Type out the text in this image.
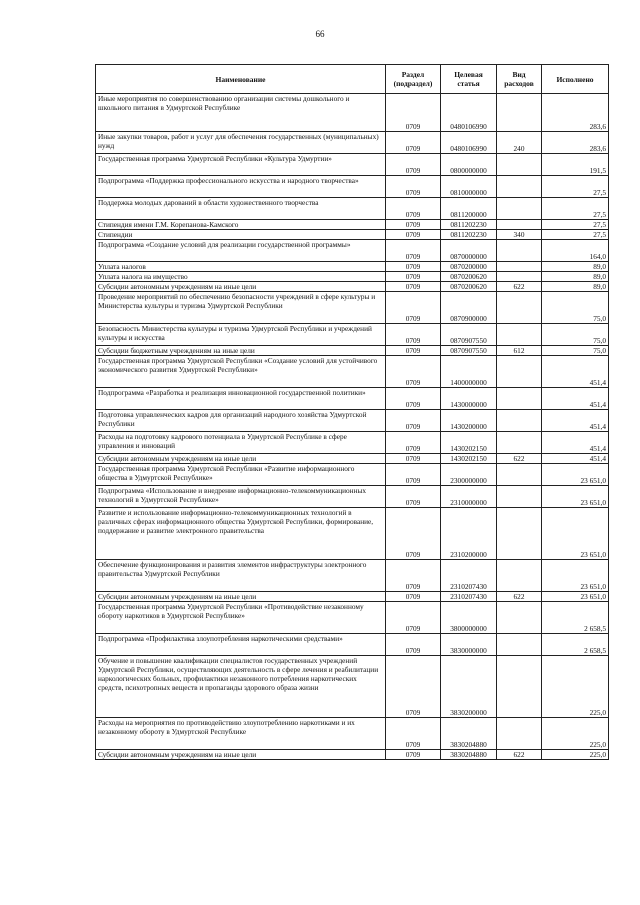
66
Наименование	Раздел (подраздел)	Целевая статья	Вид расходов	Исполнено
Иные мероприятия по совершенствованию организации системы дошкольного и школьного питания в Удмуртской Республике	0709	0480106990		283,6
Иные закупки товаров, работ и услуг для обеспечения государственных (муниципальных) нужд	0709	0480106990	240	283,6
Государственная программа Удмуртской Республики «Культура Удмуртии»	0709	0800000000		191,5
Подпрограмма «Поддержка профессионального искусства и народного творчества»	0709	0810000000		27,5
Поддержка молодых дарований в области художественного творчества	0709	0811200000		27,5
Стипендия имени Г.М. Корепанова-Камского	0709	0811202230		27,5
Стипендии	0709	0811202230	340	27,5
Подпрограмма «Создание условий для реализации государственной программы»	0709	0870000000		164,0
Уплата налогов	0709	0870200000		89,0
Уплата налога на имущество	0709	0870200620		89,0
Субсидии автономным учреждениям на иные цели	0709	0870200620	622	89,0
Проведение мероприятий по обеспечению безопасности учреждений в сфере культуры и Министерства культуры и туризма Удмуртской Республики	0709	0870900000		75,0
Безопасность Министерства культуры и туризма Удмуртской Республики и учреждений культуры и искусства	0709	0870907550		75,0
Субсидии бюджетным учреждениям на иные цели	0709	0870907550	612	75,0
Государственная программа Удмуртской Республики «Создание условий для устойчивого экономического развития Удмуртской Республики»	0709	1400000000		451,4
Подпрограмма «Разработка и реализация инновационной государственной политики»	0709	1430000000		451,4
Подготовка управленческих кадров для организаций народного хозяйства Удмуртской Республики	0709	1430200000		451,4
Расходы на подготовку кадрового потенциала в Удмуртской Республике в сфере управления и инноваций	0709	1430202150		451,4
Субсидии автономным учреждениям на иные цели	0709	1430202150	622	451,4
Государственная программа Удмуртской Республики «Развитие информационного общества в Удмуртской Республике»	0709	2300000000		23 651,0
Подпрограмма «Использование и внедрение информационно-телекоммуникационных технологий в Удмуртской Республике»	0709	2310000000		23 651,0
Развитие и использование информационно-телекоммуникационных технологий в различных сферах информационного общества Удмуртской Республики, формирование, поддержание и развитие электронного правительства	0709	2310200000		23 651,0
Обеспечение функционирования и развития элементов инфраструктуры электронного правительства Удмуртской Республики	0709	2310207430		23 651,0
Субсидии автономным учреждениям на иные цели	0709	2310207430	622	23 651,0
Государственная программа Удмуртской Республики «Противодействие незаконному обороту наркотиков в Удмуртской Республике»	0709	3800000000		2 658,5
Подпрограмма «Профилактика злоупотребления наркотическими средствами»	0709	3830000000		2 658,5
Обучение и повышение квалификации специалистов государственных учреждений Удмуртской Республики, осуществляющих деятельность в сфере лечения и реабилитации наркологических больных, профилактики незаконного потребления наркотических средств, психотропных веществ и пропаганды здорового образа жизни	0709	3830200000		225,0
Расходы на мероприятия по противодействию злоупотреблению наркотиками и их незаконному обороту в Удмуртской Республике	0709	3830204880		225,0
Субсидии автономным учреждениям на иные цели	0709	3830204880	622	225,0
